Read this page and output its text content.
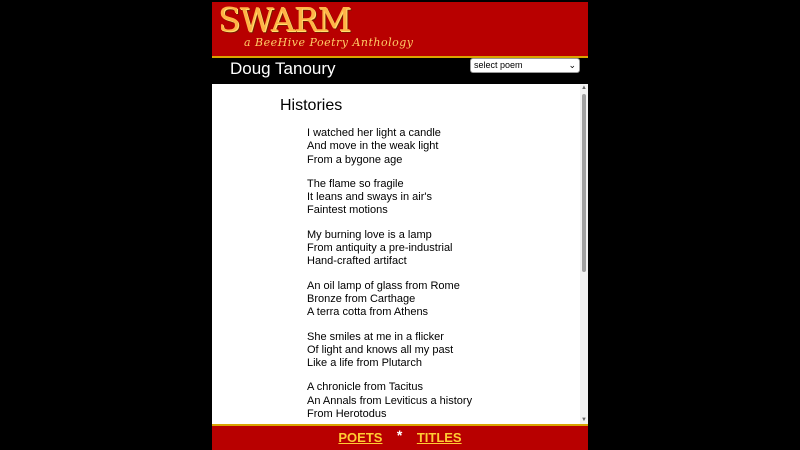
SWARM
a BeeHive Poetry Anthology
Doug Tanoury	select poem	⌄
Histories
I watched her light a candle
And move in the weak light
From a bygone age
The flame so fragile
It leans and sways in air's
Faintest motions
My burning love is a lamp
From antiquity a pre-industrial
Hand-crafted artifact
An oil lamp of glass from Rome
Bronze from Carthage
A terra cotta from Athens
She smiles at me in a flicker
Of light and knows all my past
Like a life from Plutarch
A chronicle from Tacitus
An Annals from Leviticus a history
From Herotodus
▲
▼
POETS * TITLES
